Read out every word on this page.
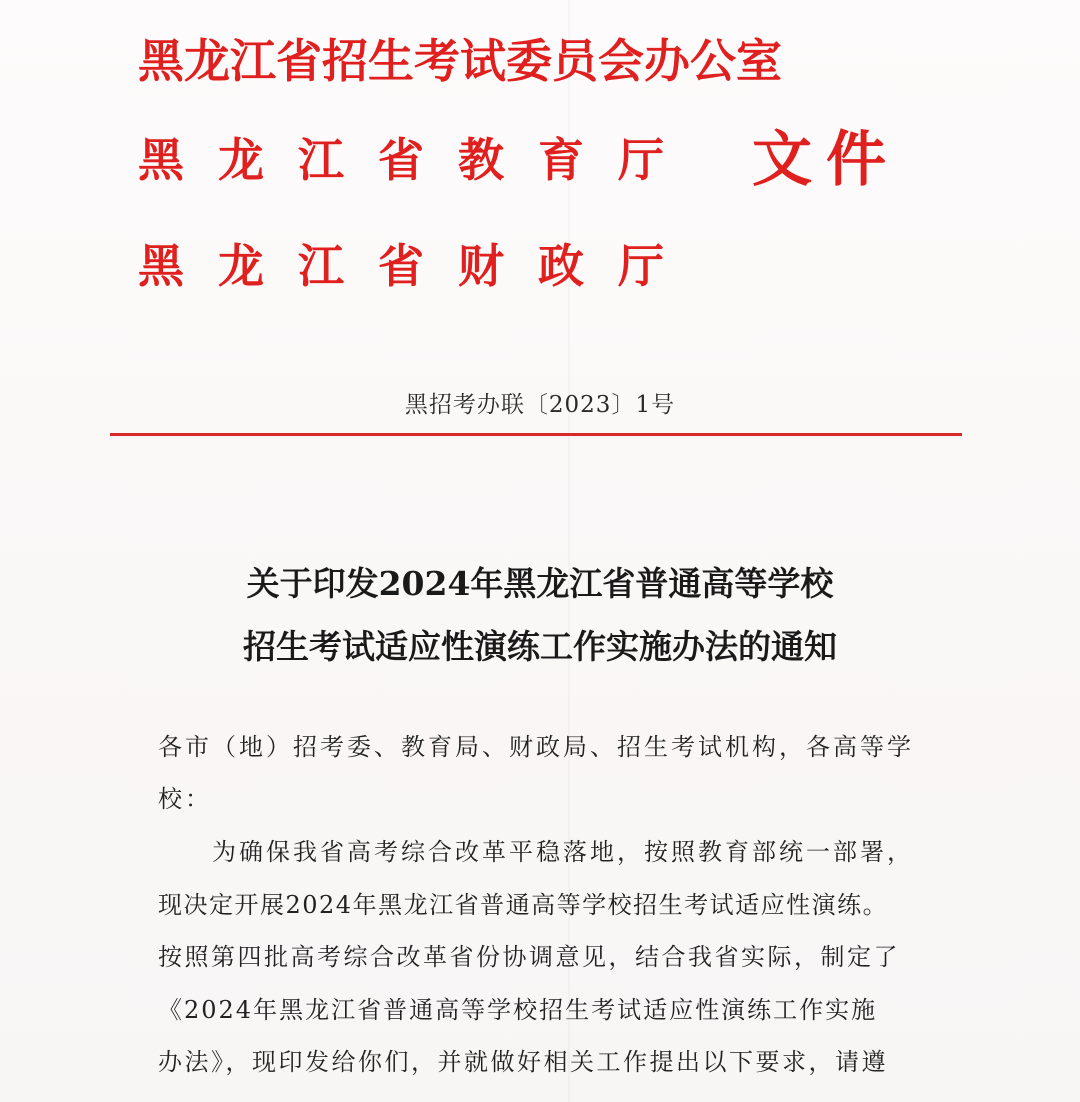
黑龙江省招生考试委员会办公室
黑龙江省教育厅
黑龙江省财政厅
文件
黑招考办联〔2023〕1号
关于印发2024年黑龙江省普通高等学校
招生考试适应性演练工作实施办法的通知
各市（地）招考委、教育局、财政局、招生考试机构，各高等学
校：
为确保我省高考综合改革平稳落地，按照教育部统一部署，
现决定开展2024年黑龙江省普通高等学校招生考试适应性演练。
按照第四批高考综合改革省份协调意见，结合我省实际，制定了
《2024年黑龙江省普通高等学校招生考试适应性演练工作实施
办法》，现印发给你们，并就做好相关工作提出以下要求，请遵
